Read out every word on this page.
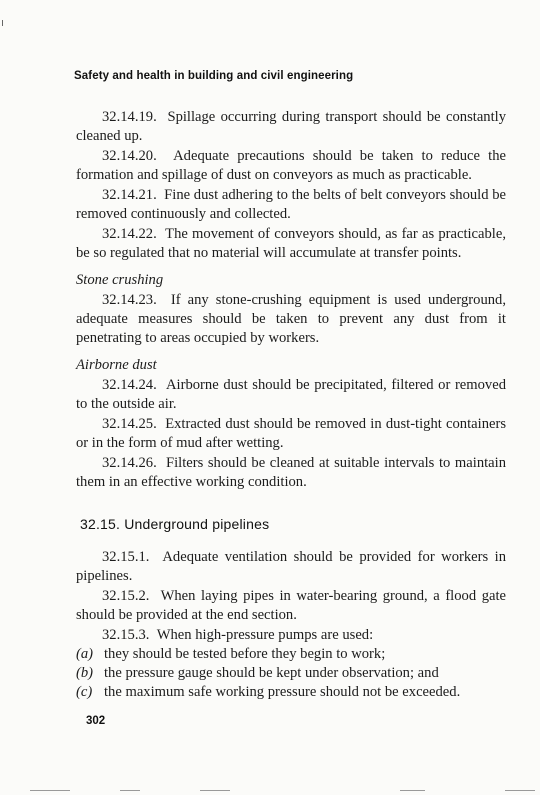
Safety and health in building and civil engineering

32.14.19. Spillage occurring during transport should be constantly cleaned up.

32.14.20. Adequate precautions should be taken to reduce the formation and spillage of dust on conveyors as much as practicable.

32.14.21. Fine dust adhering to the belts of belt conveyors should be removed continuously and collected.

32.14.22. The movement of conveyors should, as far as practicable, be so regulated that no material will accumulate at transfer points.

Stone crushing

32.14.23. If any stone-crushing equipment is used underground, adequate measures should be taken to prevent any dust from it penetrating to areas occupied by workers.

Airborne dust

32.14.24. Airborne dust should be precipitated, filtered or removed to the outside air.

32.14.25. Extracted dust should be removed in dust-tight containers or in the form of mud after wetting.

32.14.26. Filters should be cleaned at suitable intervals to maintain them in an effective working condition.

32.15. Underground pipelines

32.15.1. Adequate ventilation should be provided for workers in pipelines.

32.15.2. When laying pipes in water-bearing ground, a flood gate should be provided at the end section.

32.15.3. When high-pressure pumps are used:

(a) they should be tested before they begin to work;
(b) the pressure gauge should be kept under observation; and
(c) the maximum safe working pressure should not be exceeded.
302
